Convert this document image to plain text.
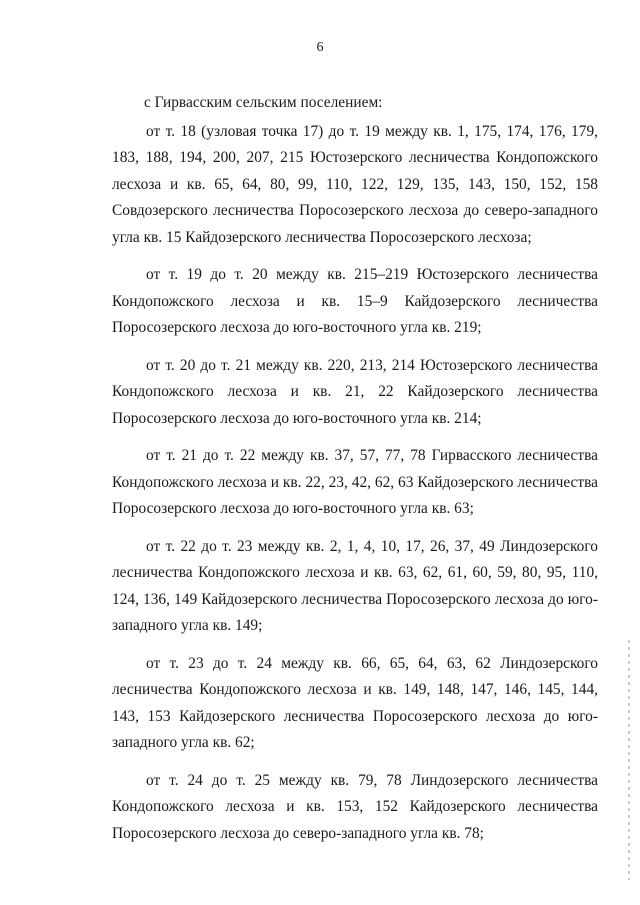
6

с Гирвасским сельским поселением:

от т. 18 (узловая точка 17) до т. 19 между кв. 1, 175, 174, 176, 179, 183, 188, 194, 200, 207, 215 Юстозерского лесничества Кондопожского лесхоза и кв. 65, 64, 80, 99, 110, 122, 129, 135, 143, 150, 152, 158 Совдозерского лесничества Поросозерского лесхоза до северо-западного угла кв. 15 Кайдозерского лесничества Поросозерского лесхоза;

от т. 19 до т. 20 между кв. 215–219 Юстозерского лесничества Кондопожского лесхоза и кв. 15–9 Кайдозерского лесничества Поросозерского лесхоза до юго-восточного угла кв. 219;

от т. 20 до т. 21 между кв. 220, 213, 214 Юстозерского лесничества Кондопожского лесхоза и кв. 21, 22 Кайдозерского лесничества Поросозерского лесхоза до юго-восточного угла кв. 214;

от т. 21 до т. 22 между кв. 37, 57, 77, 78 Гирвасского лесничества Кондопожского лесхоза и кв. 22, 23, 42, 62, 63 Кайдозерского лесничества Поросозерского лесхоза до юго-восточного угла кв. 63;

от т. 22 до т. 23 между кв. 2, 1, 4, 10, 17, 26, 37, 49 Линдозерского лесничества Кондопожского лесхоза и кв. 63, 62, 61, 60, 59, 80, 95, 110, 124, 136, 149 Кайдозерского лесничества Поросозерского лесхоза до юго-западного угла кв. 149;

от т. 23 до т. 24 между кв. 66, 65, 64, 63, 62 Линдозерского лесничества Кондопожского лесхоза и кв. 149, 148, 147, 146, 145, 144, 143, 153 Кайдозерского лесничества Поросозерского лесхоза до юго-западного угла кв. 62;

от т. 24 до т. 25 между кв. 79, 78 Линдозерского лесничества Кондопожского лесхоза и кв. 153, 152 Кайдозерского лесничества Поросозерского лесхоза до северо-западного угла кв. 78;
